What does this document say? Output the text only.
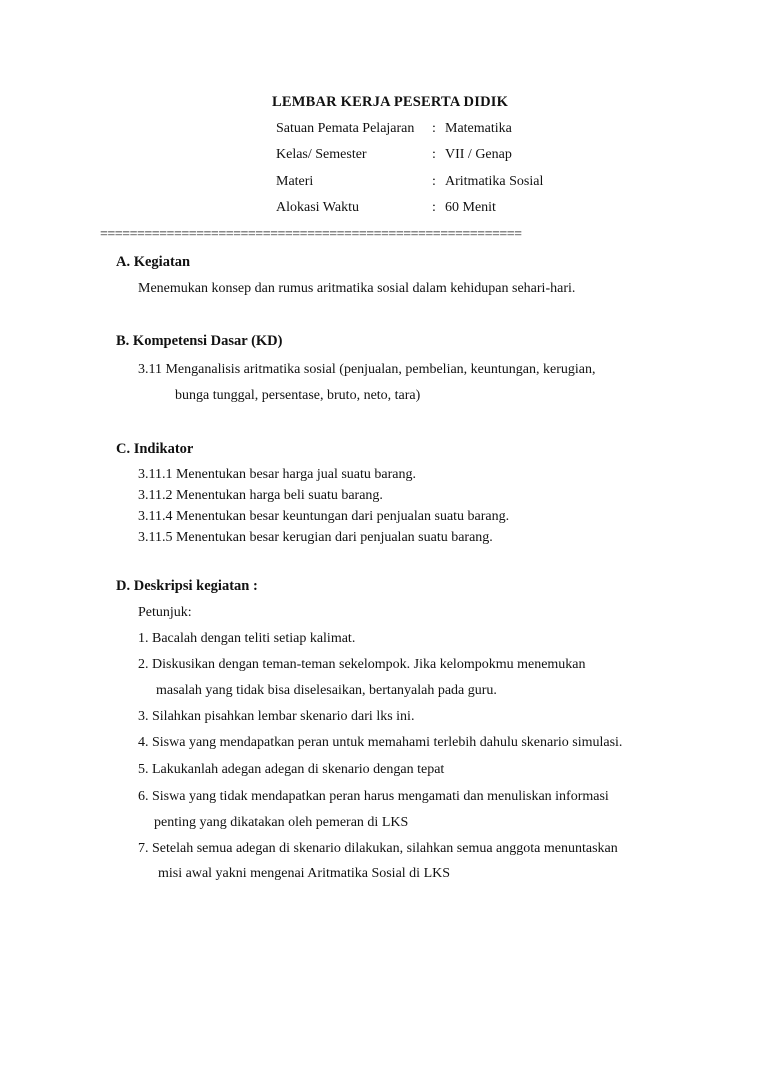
LEMBAR KERJA PESERTA DIDIK
Satuan Pemata Pelajaran : Matematika
Kelas/ Semester	: VII / Genap
Materi	: Aritmatika Sosial
Alokasi Waktu	: 60 Menit
=========================================================
A. Kegiatan
Menemukan konsep dan rumus aritmatika sosial dalam kehidupan sehari-hari.
B. Kompetensi Dasar (KD)
3.11 Menganalisis aritmatika sosial (penjualan, pembelian, keuntungan, kerugian,
bunga tunggal, persentase, bruto, neto, tara)
C. Indikator
3.11.1 Menentukan besar harga jual suatu barang.
3.11.2 Menentukan harga beli suatu barang.
3.11.4 Menentukan besar keuntungan dari penjualan suatu barang.
3.11.5 Menentukan besar kerugian dari penjualan suatu barang.
D. Deskripsi kegiatan :
Petunjuk:
1. Bacalah dengan teliti setiap kalimat.
2. Diskusikan dengan teman-teman sekelompok. Jika kelompokmu menemukan
masalah yang tidak bisa diselesaikan, bertanyalah pada guru.
3. Silahkan pisahkan lembar skenario dari lks ini.
4. Siswa yang mendapatkan peran untuk memahami terlebih dahulu skenario simulasi.
5. Lakukanlah adegan adegan di skenario dengan tepat
6. Siswa yang tidak mendapatkan peran harus mengamati dan menuliskan informasi
penting yang dikatakan oleh pemeran di LKS
7. Setelah semua adegan di skenario dilakukan, silahkan semua anggota menuntaskan
misi awal yakni mengenai Aritmatika Sosial di LKS
